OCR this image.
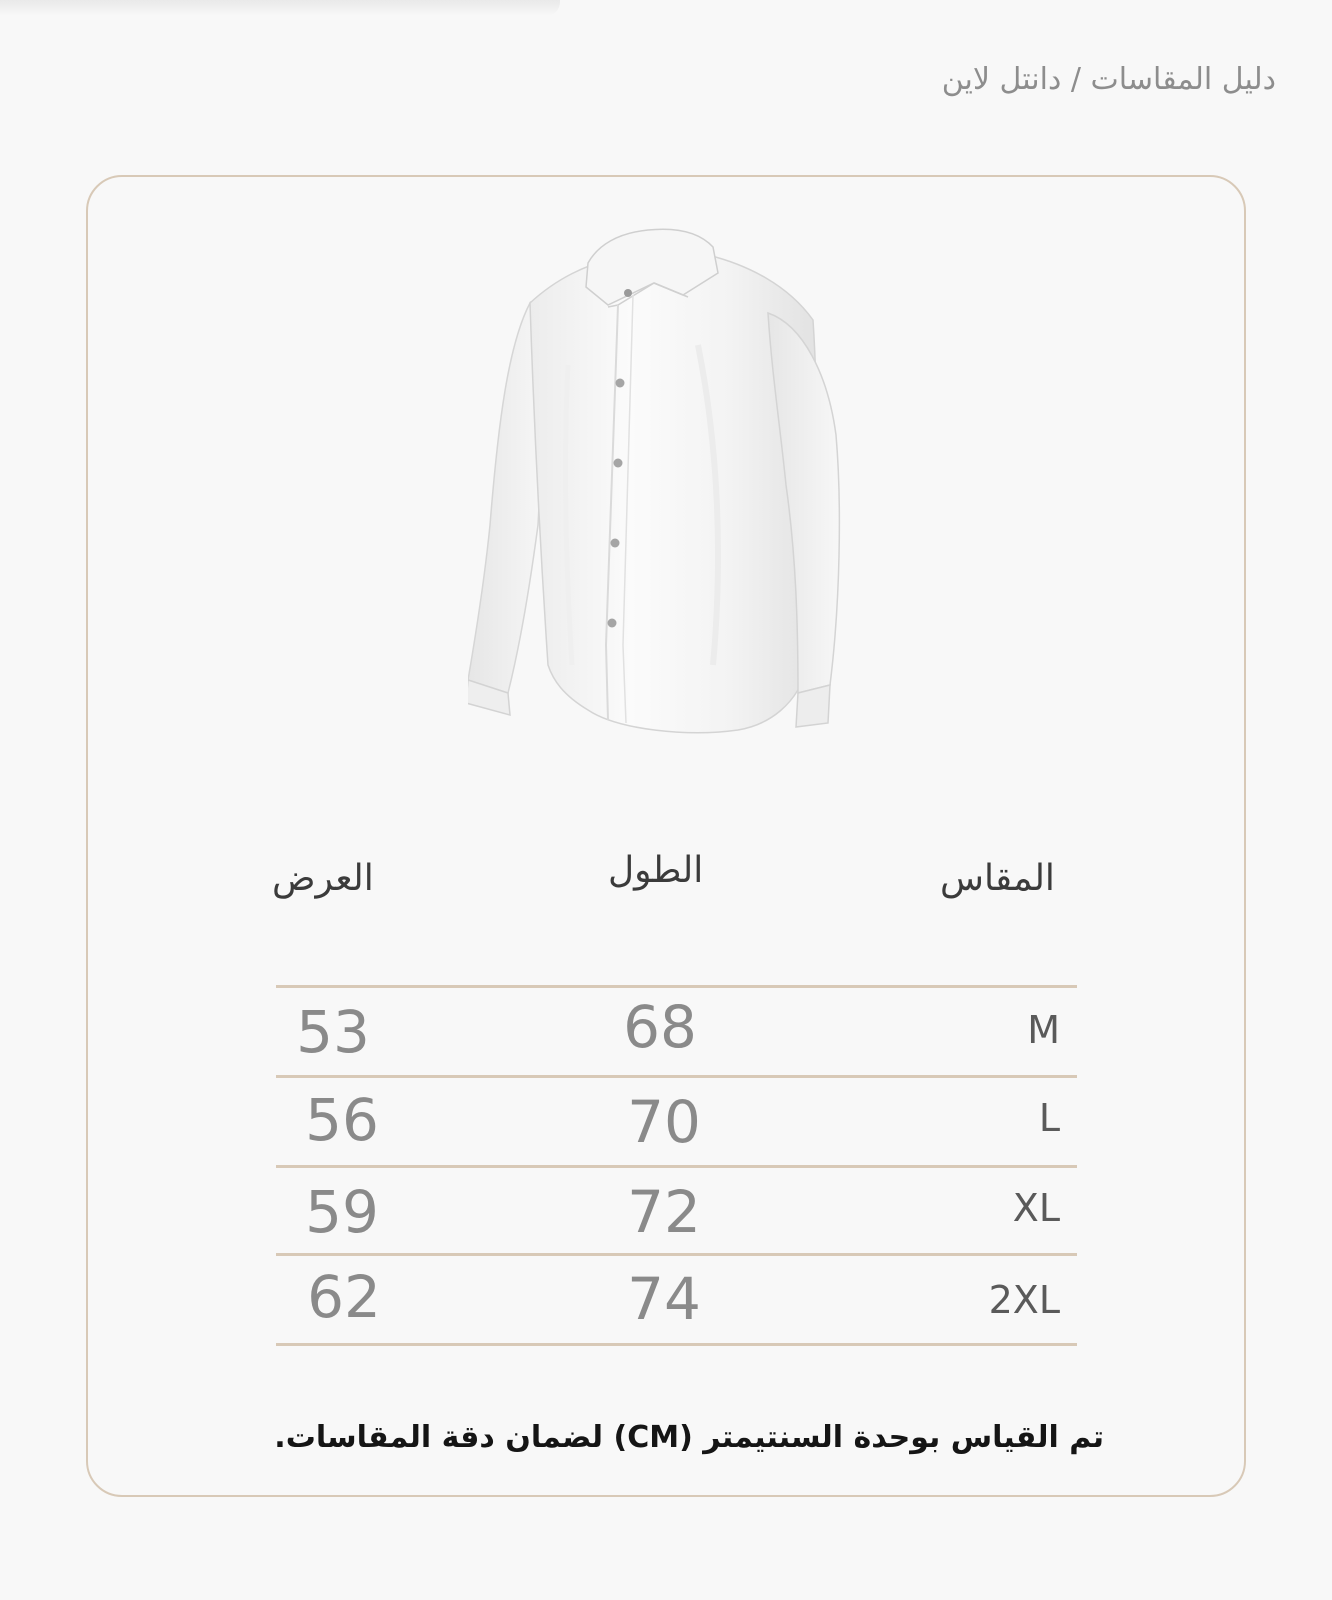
دليل المقاسات / دانتل لاين
المقاس
الطول
العرض
M
68
53
L
70
56
XL
72
59
2XL
74
62
تم القياس بوحدة السنتيمتر (CM) لضمان دقة المقاسات.
